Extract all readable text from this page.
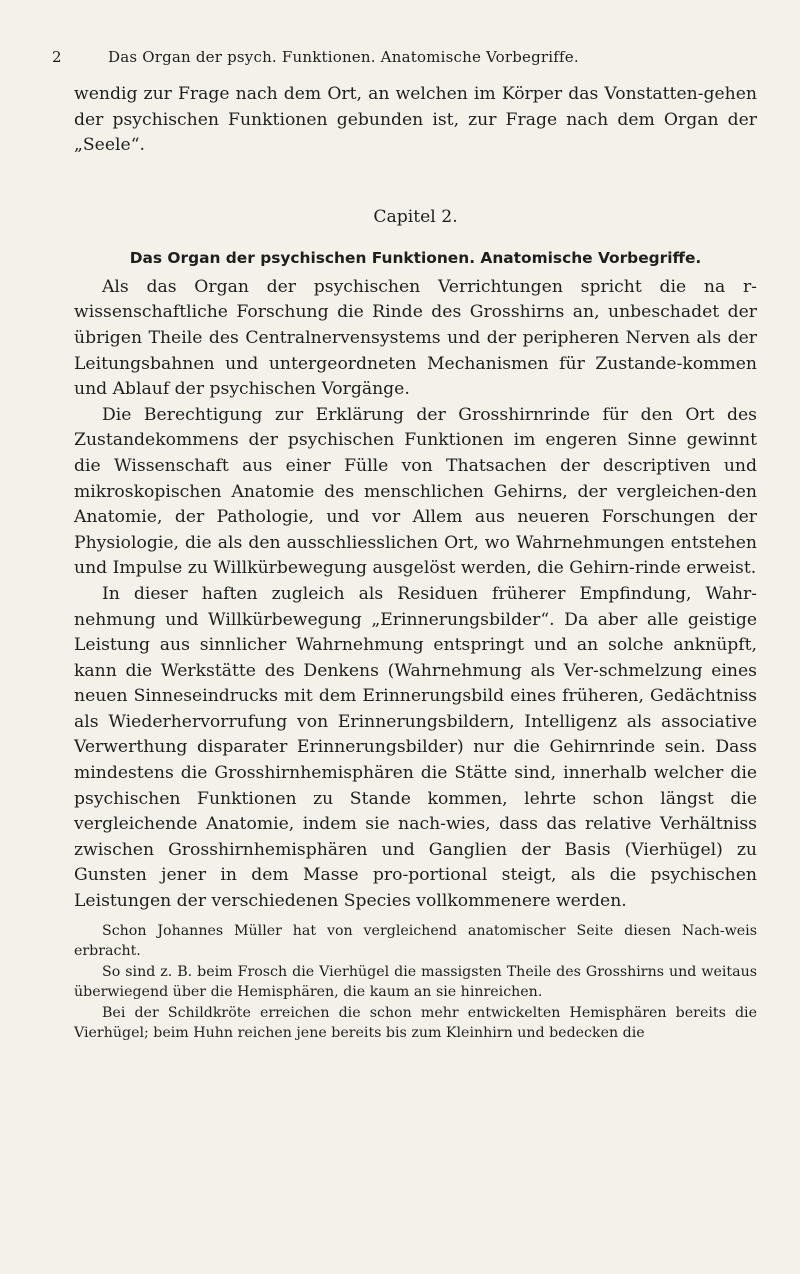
2	Das Organ der psych. Funktionen. Anatomische Vorbegriffe.

wendig zur Frage nach dem Ort, an welchen im Körper das Vonstatten-gehen der psychischen Funktionen gebunden ist, zur Frage nach dem Organ der „Seele“.

Capitel 2.

Das Organ der psychischen Funktionen. Anatomische Vorbegriffe.

Als das Organ der psychischen Verrichtungen spricht die na r-wissenschaftliche Forschung die Rinde des Grosshirns an, unbeschadet der übrigen Theile des Centralnervensystems und der peripheren Nerven als der Leitungsbahnen und untergeordneten Mechanismen für Zustande-kommen und Ablauf der psychischen Vorgänge.

Die Berechtigung zur Erklärung der Grosshirnrinde für den Ort des Zustandekommens der psychischen Funktionen im engeren Sinne gewinnt die Wissenschaft aus einer Fülle von Thatsachen der descriptiven und mikroskopischen Anatomie des menschlichen Gehirns, der vergleichen-den Anatomie, der Pathologie, und vor Allem aus neueren Forschungen der Physiologie, die als den ausschliesslichen Ort, wo Wahrnehmungen entstehen und Impulse zu Willkürbewegung ausgelöst werden, die Gehirn-rinde erweist.

In dieser haften zugleich als Residuen früherer Empfindung, Wahr-nehmung und Willkürbewegung „Erinnerungsbilder“. Da aber alle geistige Leistung aus sinnlicher Wahrnehmung entspringt und an solche anknüpft, kann die Werkstätte des Denkens (Wahrnehmung als Ver-schmelzung eines neuen Sinneseindrucks mit dem Erinnerungsbild eines früheren, Gedächtniss als Wiederhervorrufung von Erinnerungsbildern, Intelligenz als associative Verwerthung disparater Erinnerungsbilder) nur die Gehirnrinde sein. Dass mindestens die Grosshirnhemisphären die Stätte sind, innerhalb welcher die psychischen Funktionen zu Stande kommen, lehrte schon längst die vergleichende Anatomie, indem sie nach-wies, dass das relative Verhältniss zwischen Grosshirnhemisphären und Ganglien der Basis (Vierhügel) zu Gunsten jener in dem Masse pro-portional steigt, als die psychischen Leistungen der verschiedenen Species vollkommenere werden.

Schon Johannes Müller hat von vergleichend anatomischer Seite diesen Nach-weis erbracht.

So sind z. B. beim Frosch die Vierhügel die massigsten Theile des Grosshirns und weitaus überwiegend über die Hemisphären, die kaum an sie hinreichen.

Bei der Schildkröte erreichen die schon mehr entwickelten Hemisphären bereits die Vierhügel; beim Huhn reichen jene bereits bis zum Kleinhirn und bedecken die
